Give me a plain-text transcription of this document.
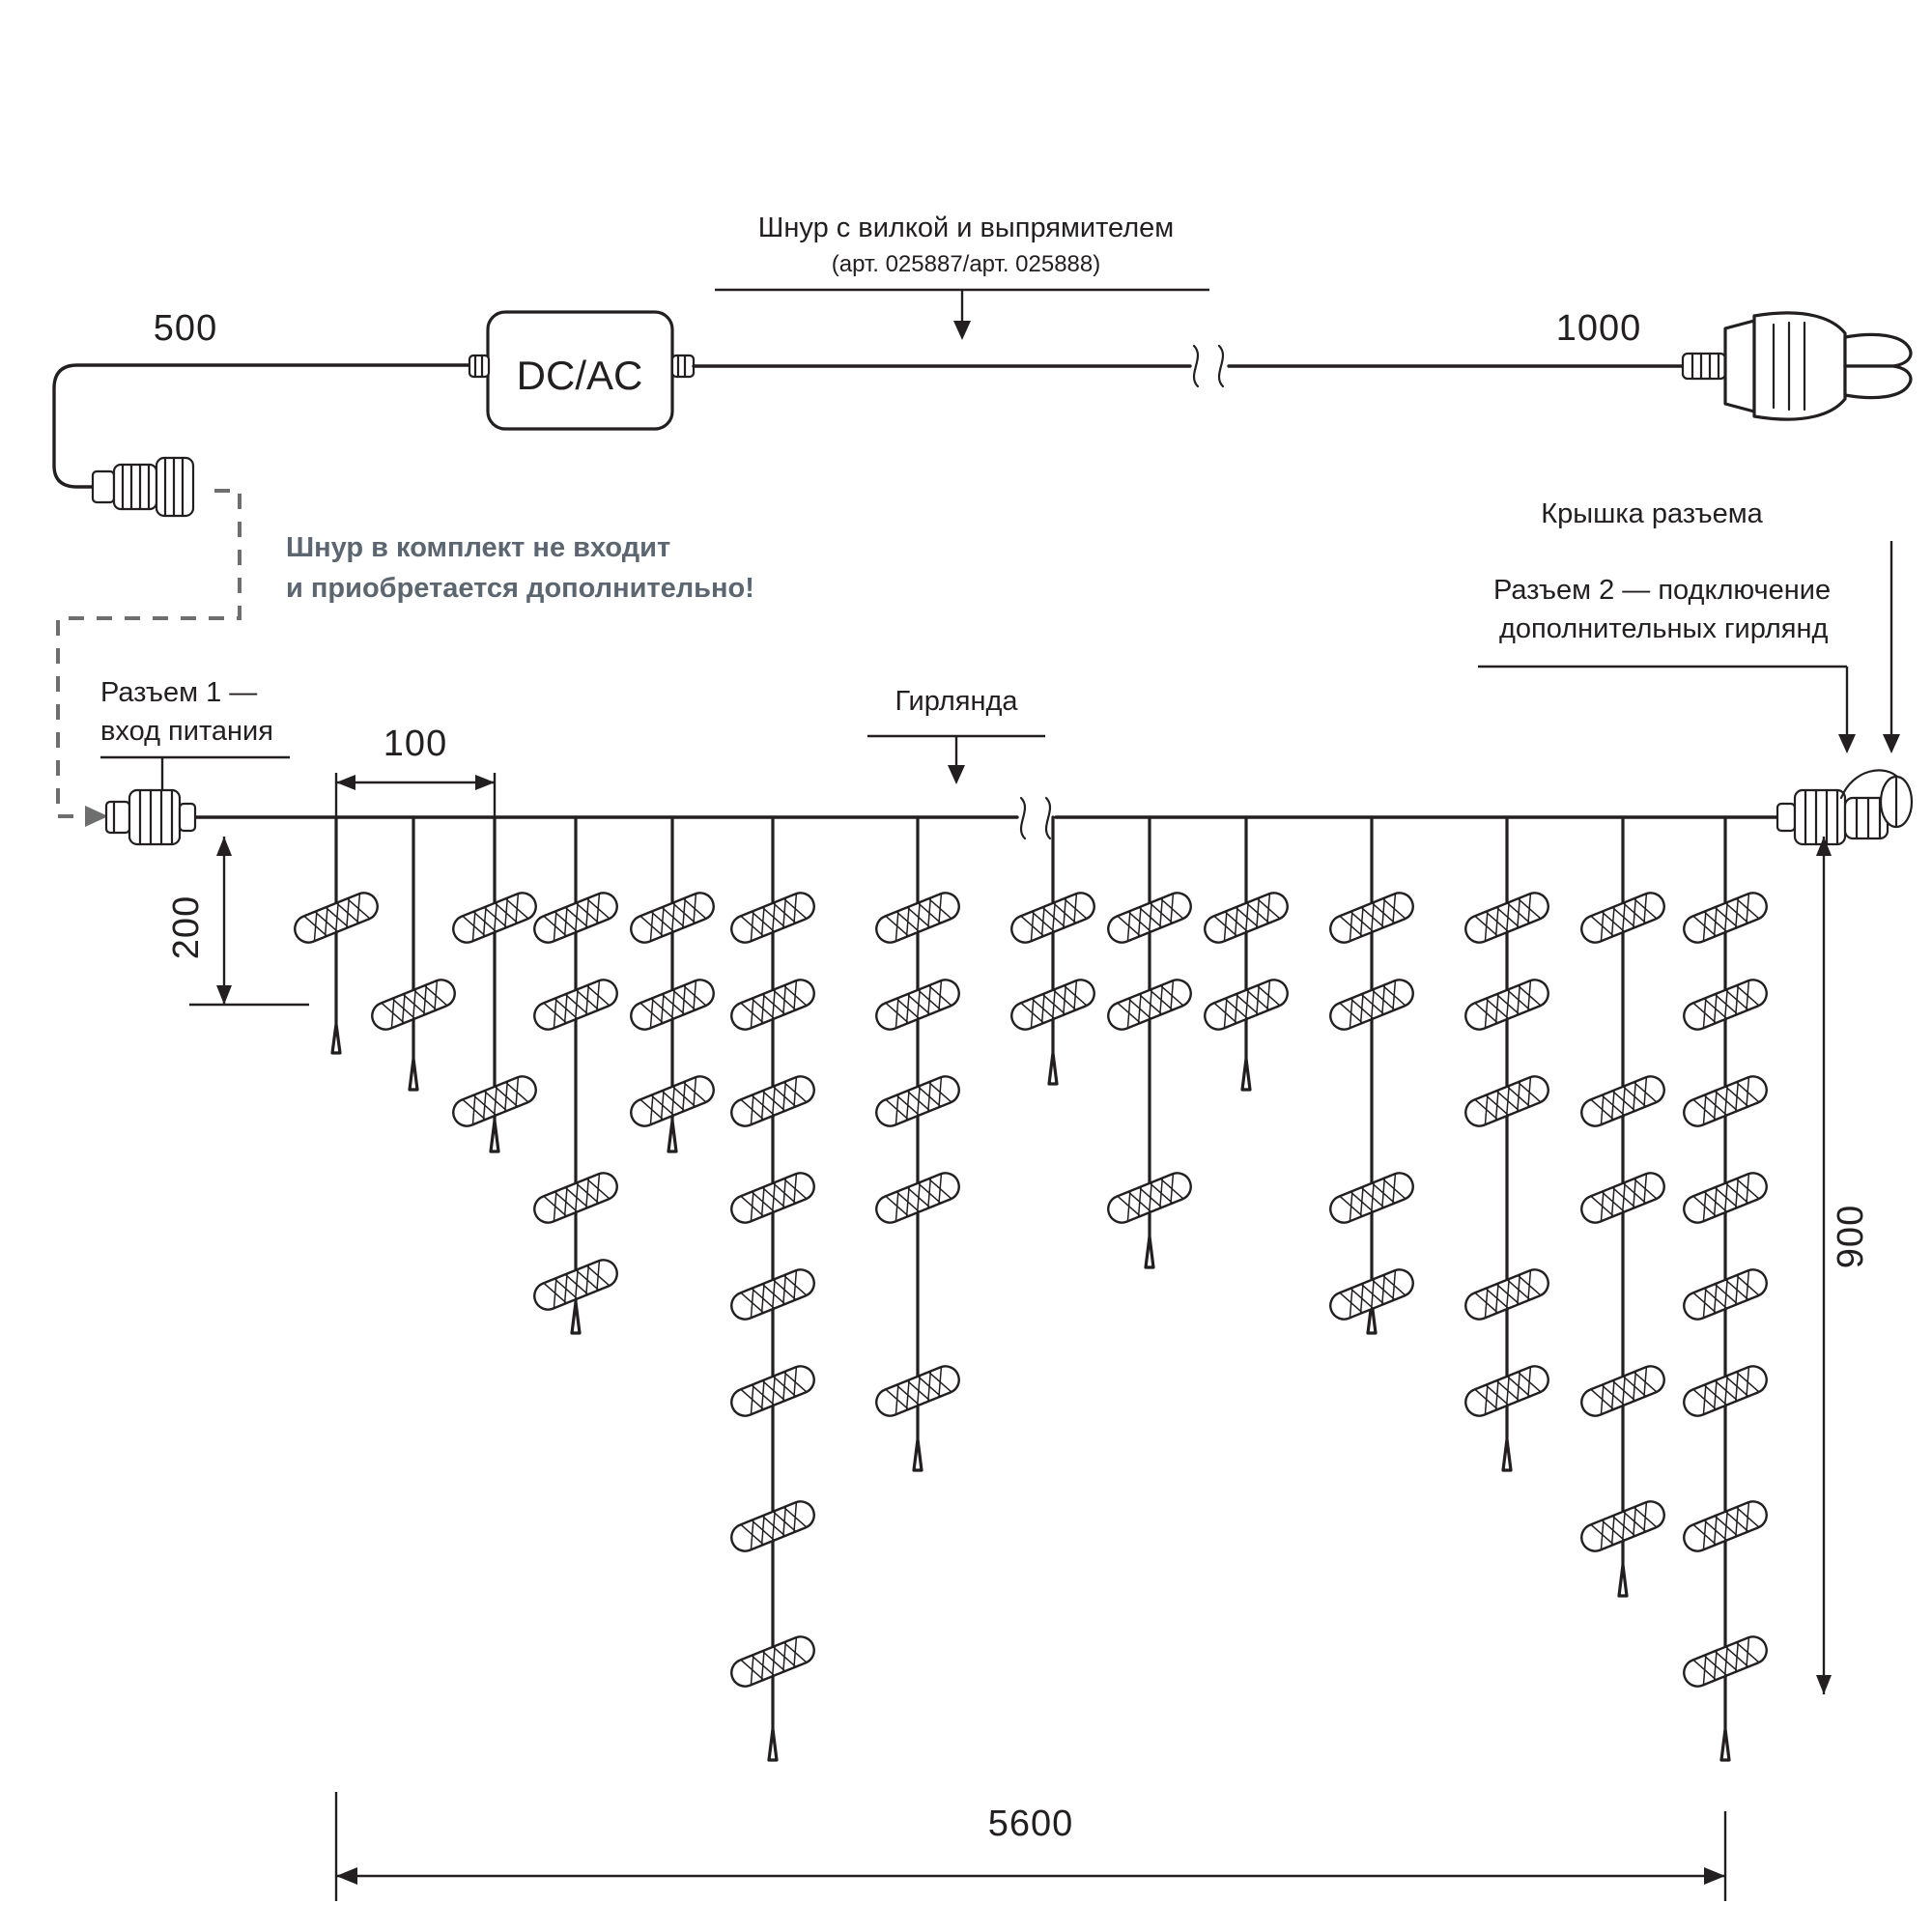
DC/AC
500	1000
Шнур с вилкой и выпрямителем
(арт. 025887/арт. 025888)
Шнур в комплект не входит
и приобретается дополнительно!
Разъем 1 —
вход питания
Крышка разъема
Разъем 2 — подключение
дополнительных гирлянд
Гирлянда
100
200
900
5600
